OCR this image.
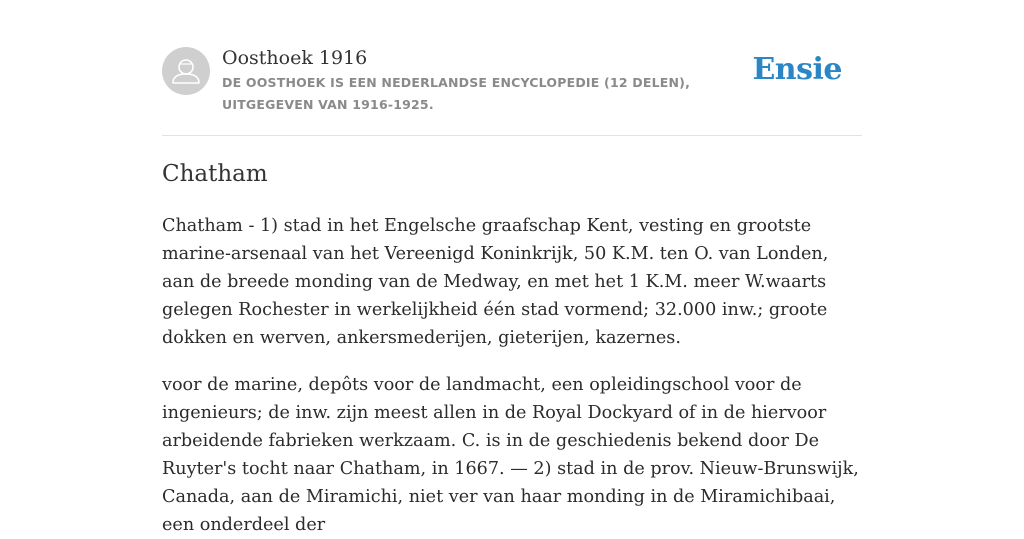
Oosthoek 1916
DE OOSTHOEK IS EEN NEDERLANDSE ENCYCLOPEDIE (12 DELEN), UITGEGEVEN VAN 1916-1925.
Ensie
Chatham

Chatham - 1) stad in het Engelsche graafschap Kent, vesting en grootste marine-arsenaal van het Vereenigd Koninkrijk, 50 K.M. ten O. van Londen, aan de breede monding van de Medway, en met het 1 K.M. meer W.waarts gelegen Rochester in werkelijkheid één stad vormend; 32.000 inw.; groote dokken en werven, ankersmederijen, gieterijen, kazernes.

voor de marine, depôts voor de landmacht, een opleidingschool voor de ingenieurs; de inw. zijn meest allen in de Royal Dockyard of in de hiervoor arbeidende fabrieken werkzaam. C. is in de geschiedenis bekend door De Ruyter's tocht naar Chatham, in 1667. — 2) stad in de prov. Nieuw-Brunswijk, Canada, aan de Miramichi, niet ver van haar monding in de Miramichibaai, een onderdeel der
